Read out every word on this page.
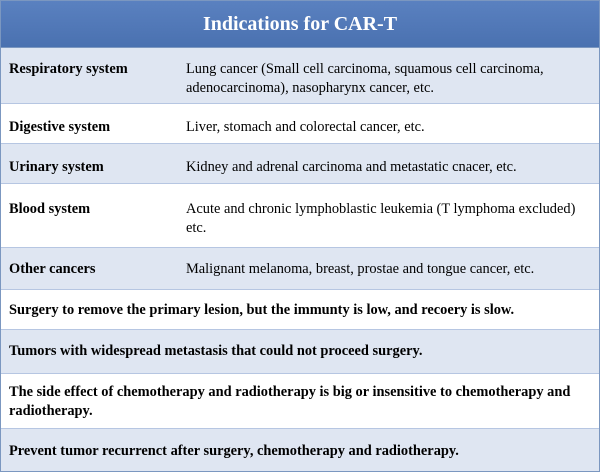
Indications for CAR-T
Respiratory system	Lung cancer (Small cell carcinoma, squamous cell carcinoma, adenocarcinoma), nasopharynx cancer, etc.
Digestive system	Liver, stomach and colorectal cancer, etc.
Urinary system	Kidney and adrenal carcinoma and metastatic cnacer, etc.
Blood system	Acute and chronic lymphoblastic leukemia (T lymphoma excluded) etc.
Other cancers	Malignant melanoma, breast, prostae and tongue cancer, etc.
Surgery to remove the primary lesion, but the immunty is low, and recoery is slow.
Tumors with widespread metastasis that could not proceed surgery.
The side effect of chemotherapy and radiotherapy is big or insensitive to chemotherapy and radiotherapy.
Prevent tumor recurrenct after surgery, chemotherapy and radiotherapy.
